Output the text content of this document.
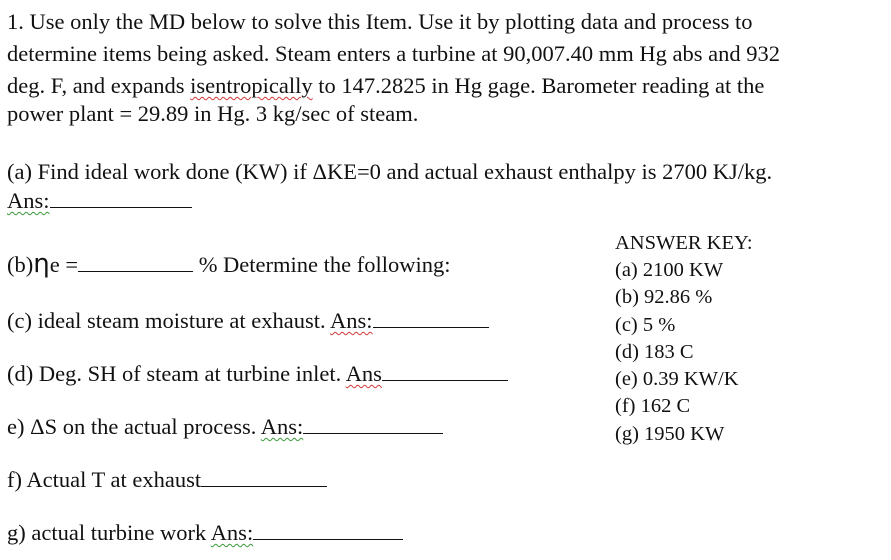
1. Use only the MD below to solve this Item. Use it by plotting data and process to
determine items being asked. Steam enters a turbine at 90,007.40 mm Hg abs and 932
deg. F, and expands isentropically to 147.2825 in Hg gage. Barometer reading at the
power plant = 29.89 in Hg. 3 kg/sec of steam.
(a) Find ideal work done (KW) if ΔKE=0 and actual exhaust enthalpy is 2700 KJ/kg.
Ans:
(b)ηe =	% Determine the following:
(c) ideal steam moisture at exhaust. Ans:
(d) Deg. SH of steam at turbine inlet. Ans
e) ΔS on the actual process. Ans:
f) Actual T at exhaust
g) actual turbine work Ans:
ANSWER KEY:
(a) 2100 KW
(b) 92.86 %
(c) 5 %
(d) 183 C
(e) 0.39 KW/K
(f) 162 C
(g) 1950 KW
